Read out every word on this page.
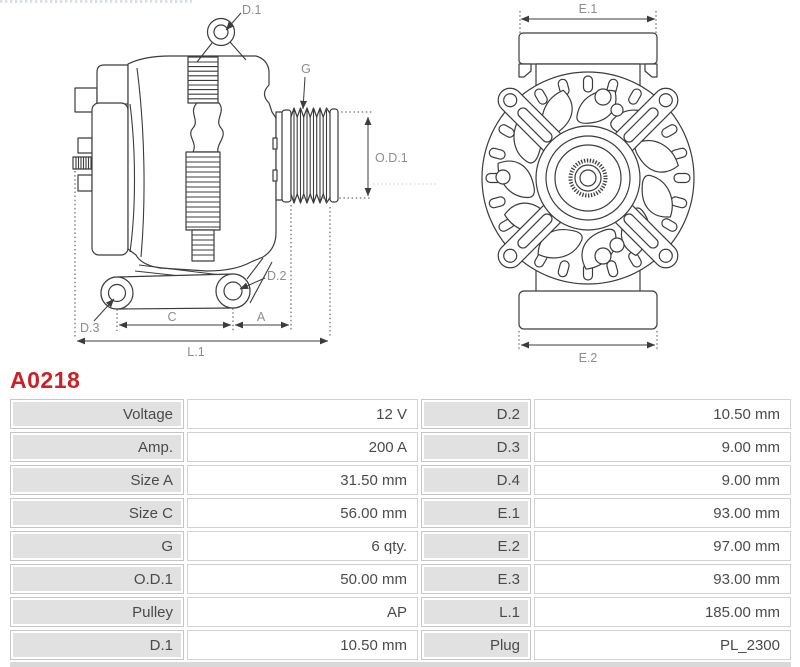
D.1
G
O.D.1
D.2
D.3
C	A
L.1
E.1
E.2
A0218
Voltage	12 V	D.2	10.50 mm
Amp.	200 A	D.3	9.00 mm
Size A	31.50 mm	D.4	9.00 mm
Size C	56.00 mm	E.1	93.00 mm
G	6 qty.	E.2	97.00 mm
O.D.1	50.00 mm	E.3	93.00 mm
Pulley	AP	L.1	185.00 mm
D.1	10.50 mm	Plug	PL_2300
